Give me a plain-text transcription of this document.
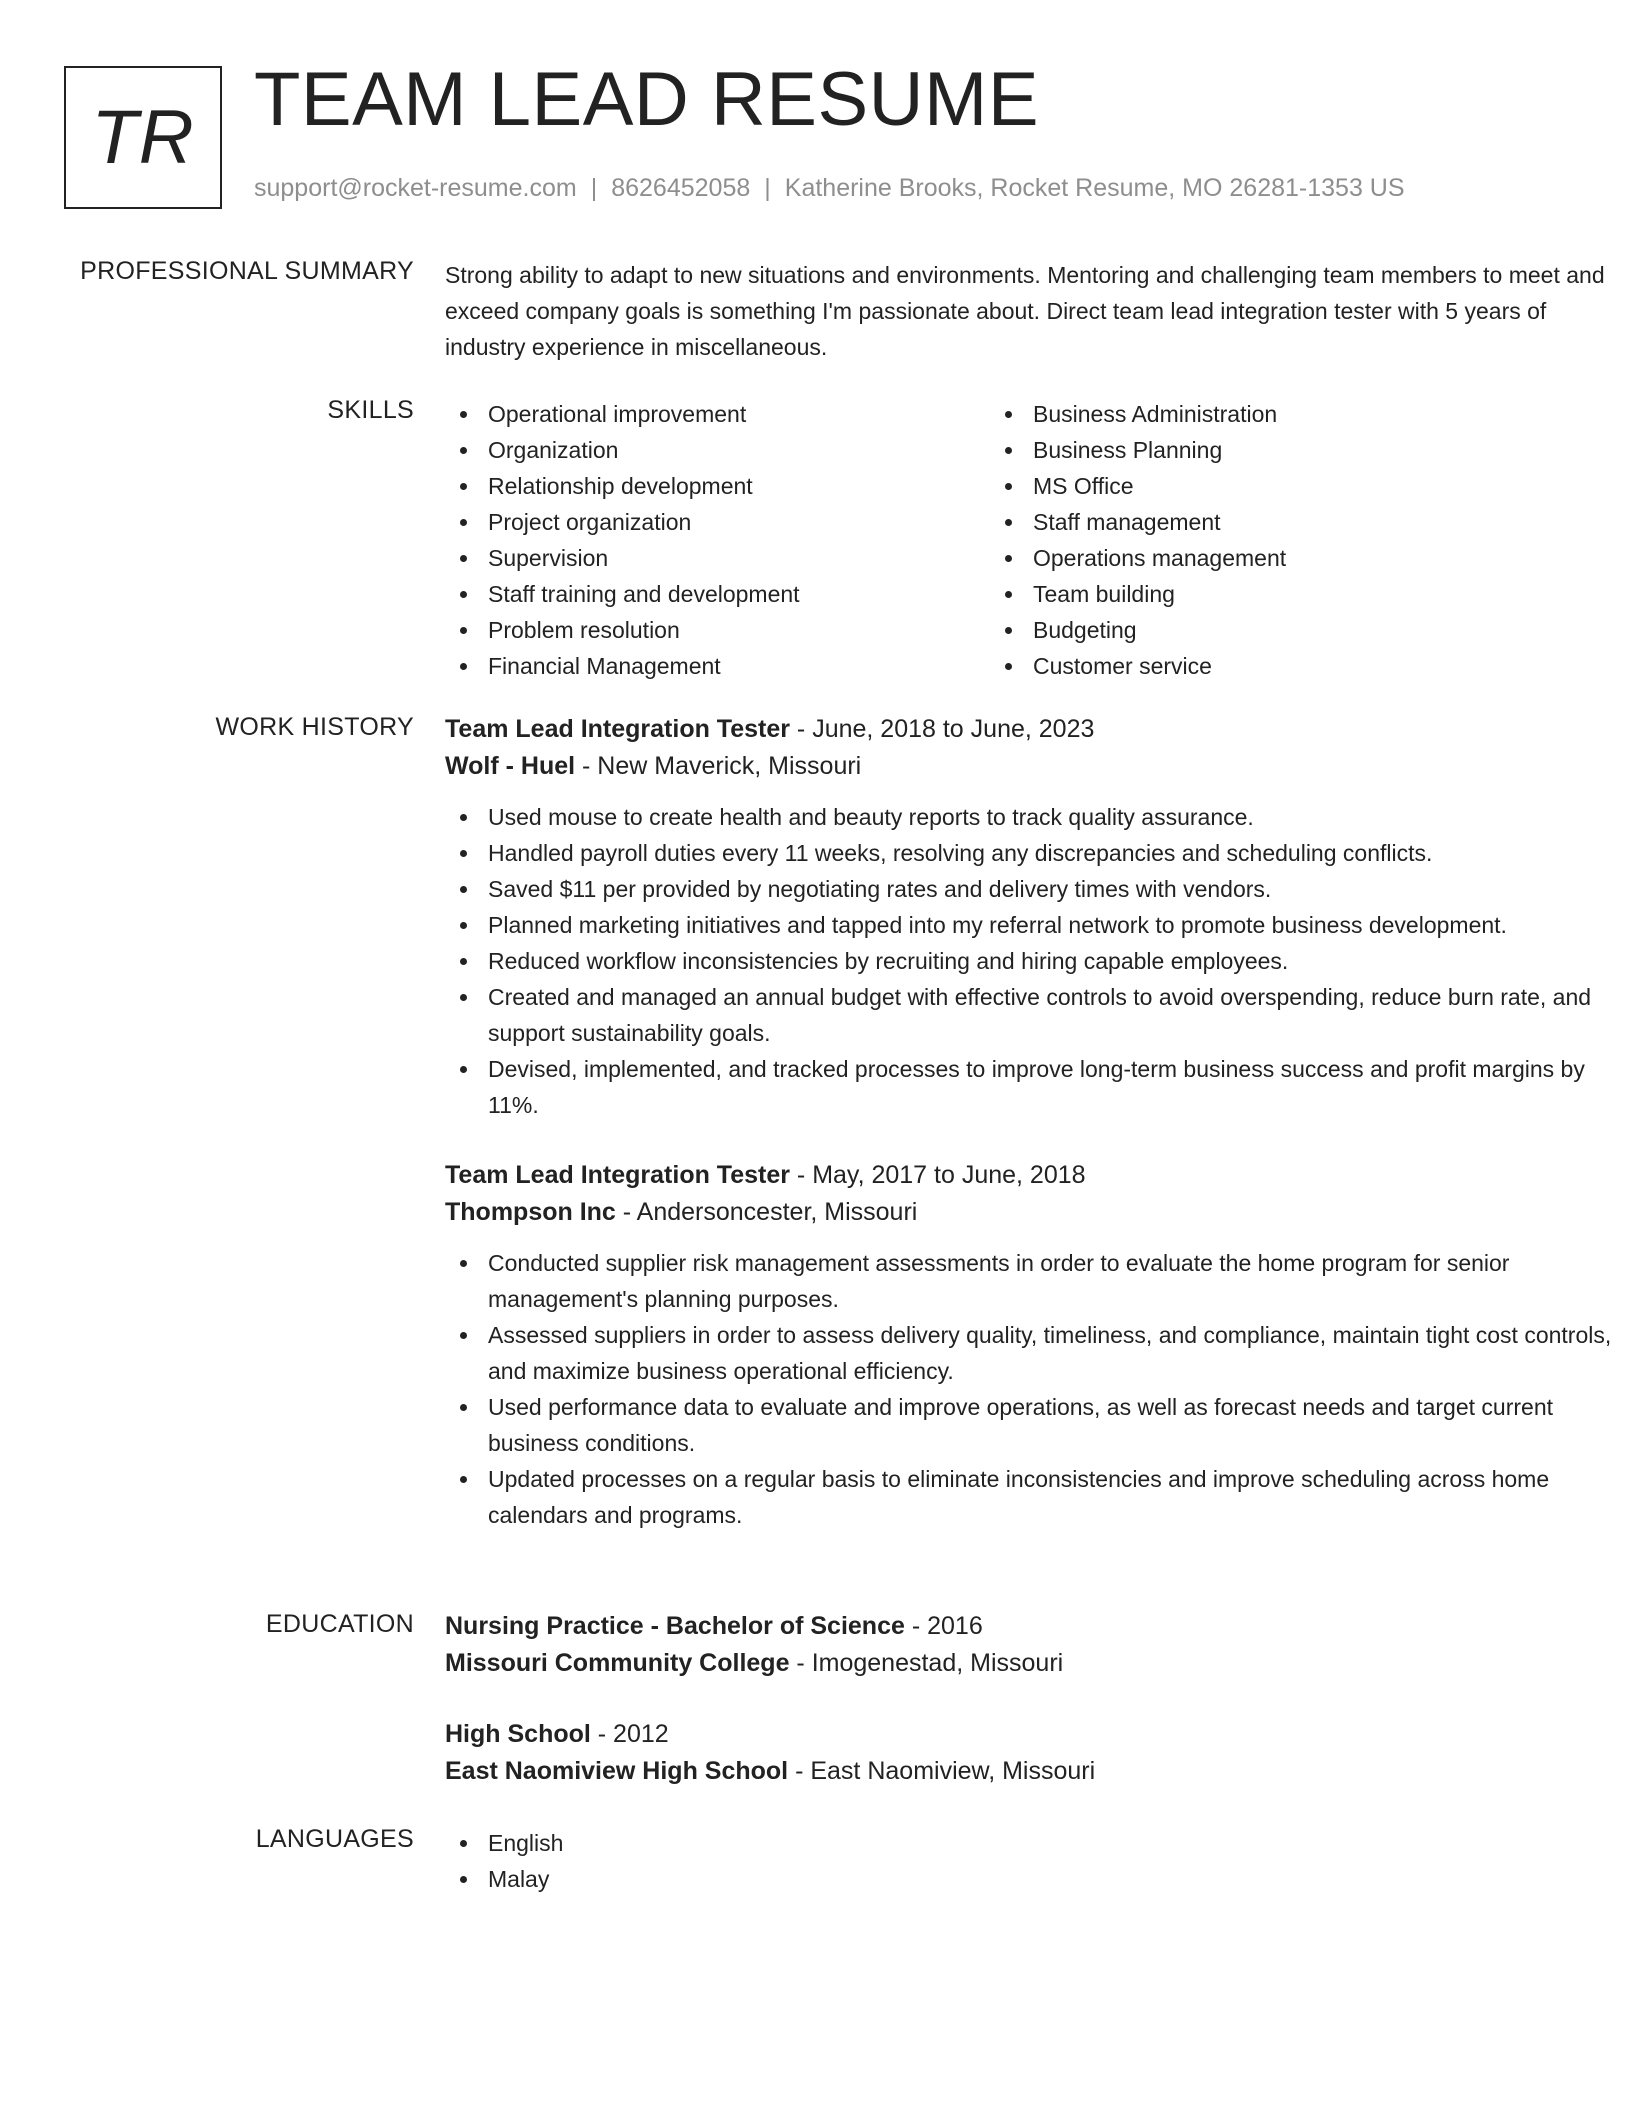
TR TEAM LEAD RESUME
support@rocket-resume.com | 8626452058 | Katherine Brooks, Rocket Resume, MO 26281-1353 US
PROFESSIONAL SUMMARY Strong ability to adapt to new situations and environments. Mentoring and challenging team members to meet and exceed company goals is something I'm passionate about. Direct team lead integration tester with 5 years of industry experience in miscellaneous.
SKILLS	Operational improvement
Organization
Relationship development
Project organization
Supervision
Staff training and development
Problem resolution
Financial Management
Business Administration
Business Planning
MS Office
Staff management
Operations management
Team building
Budgeting
Customer service
WORK HISTORY Team Lead Integration Tester - June, 2018 to June, 2023
Wolf - Huel - New Maverick, Missouri
Used mouse to create health and beauty reports to track quality assurance.
Handled payroll duties every 11 weeks, resolving any discrepancies and scheduling conflicts.
Saved $11 per provided by negotiating rates and delivery times with vendors.
Planned marketing initiatives and tapped into my referral network to promote business development.
Reduced workflow inconsistencies by recruiting and hiring capable employees.
Created and managed an annual budget with effective controls to avoid overspending, reduce burn rate, and support sustainability goals.
Devised, implemented, and tracked processes to improve long-term business success and profit margins by 11%.
Team Lead Integration Tester - May, 2017 to June, 2018
Thompson Inc - Andersoncester, Missouri
Conducted supplier risk management assessments in order to evaluate the home program for senior management's planning purposes.
Assessed suppliers in order to assess delivery quality, timeliness, and compliance, maintain tight cost controls, and maximize business operational efficiency.
Used performance data to evaluate and improve operations, as well as forecast needs and target current business conditions.
Updated processes on a regular basis to eliminate inconsistencies and improve scheduling across home calendars and programs.
EDUCATION Nursing Practice - Bachelor of Science - 2016
Missouri Community College - Imogenestad, Missouri
High School - 2012
East Naomiview High School - East Naomiview, Missouri
LANGUAGES	English
Malay
